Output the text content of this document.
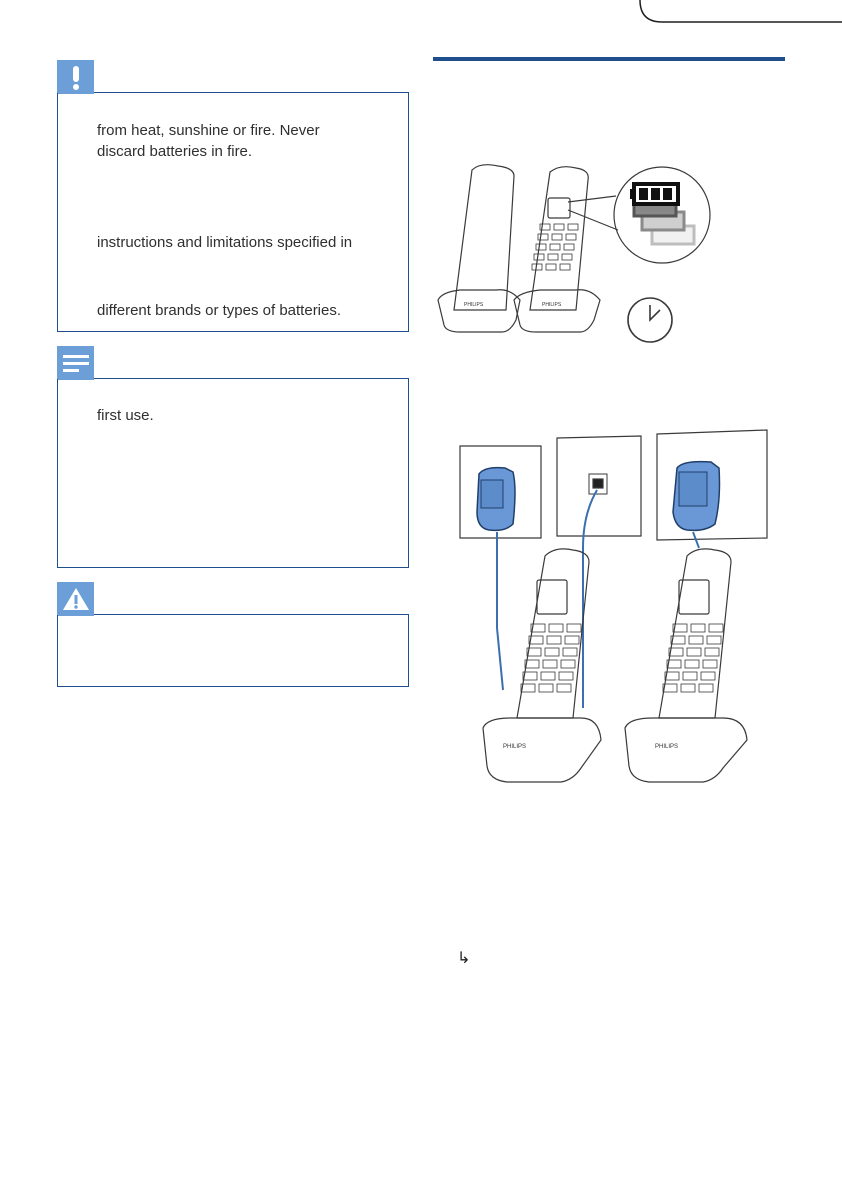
from heat, sunshine or fire. Never
discard batteries in fire.
instructions and limitations specified in
different brands or types of batteries.
first use.
PHILIPS	PHILIPS
PHILIPS	PHILIPS
↳
